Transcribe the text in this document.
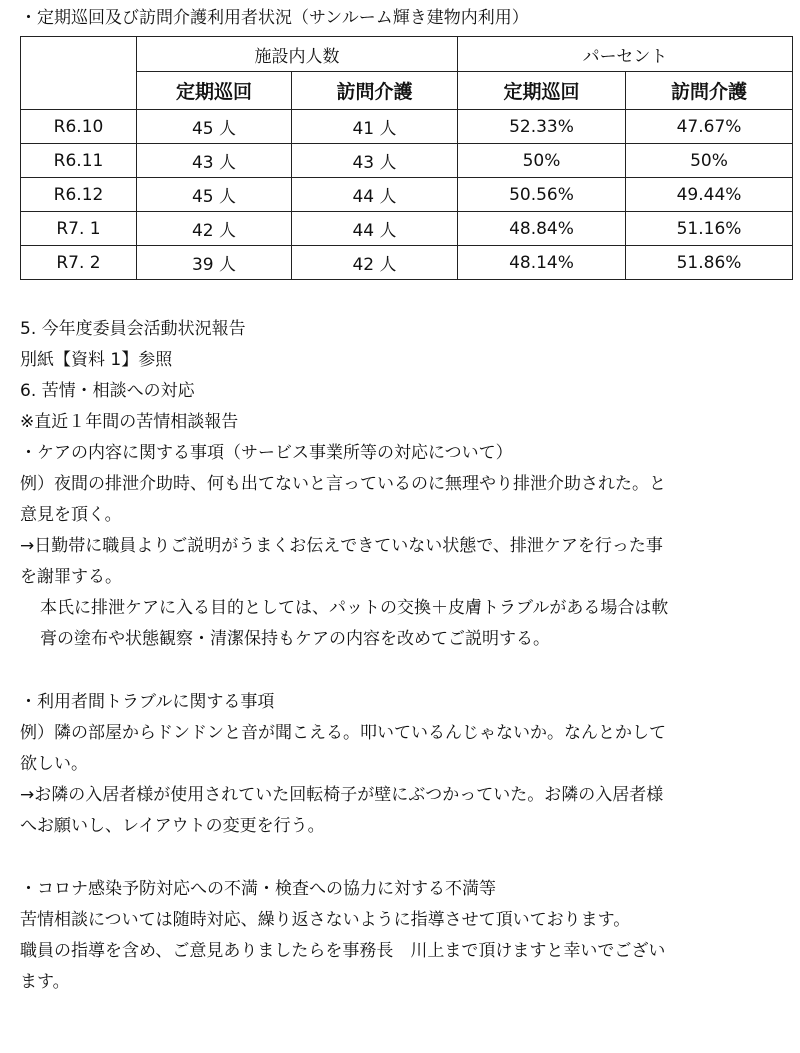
・定期巡回及び訪問介護利用者状況（サンルーム輝き建物内利用）
	施設内人数		パーセント	
	定期巡回	訪問介護	定期巡回	訪問介護
R6.10	45 人	41 人	52.33%	47.67%
R6.11	43 人	43 人	50%	50%
R6.12	45 人	44 人	50.56%	49.44%
R7. 1	42 人	44 人	48.84%	51.16%
R7. 2	39 人	42 人	48.14%	51.86%
5. 今年度委員会活動状況報告
別紙【資料 1】参照
6. 苦情・相談への対応
※直近１年間の苦情相談報告
・ケアの内容に関する事項（サービス事業所等の対応について）
例）夜間の排泄介助時、何も出てないと言っているのに無理やり排泄介助された。と
意見を頂く。
→日勤帯に職員よりご説明がうまくお伝えできていない状態で、排泄ケアを行った事
を謝罪する。
本氏に排泄ケアに入る目的としては、パットの交換＋皮膚トラブルがある場合は軟
膏の塗布や状態観察・清潔保持もケアの内容を改めてご説明する。
・利用者間トラブルに関する事項
例）隣の部屋からドンドンと音が聞こえる。叩いているんじゃないか。なんとかして
欲しい。
→お隣の入居者様が使用されていた回転椅子が壁にぶつかっていた。お隣の入居者様
へお願いし、レイアウトの変更を行う。
・コロナ感染予防対応への不満・検査への協力に対する不満等
苦情相談については随時対応、繰り返さないように指導させて頂いております。
職員の指導を含め、ご意見ありましたらを事務長　川上まで頂けますと幸いでござい
ます。
